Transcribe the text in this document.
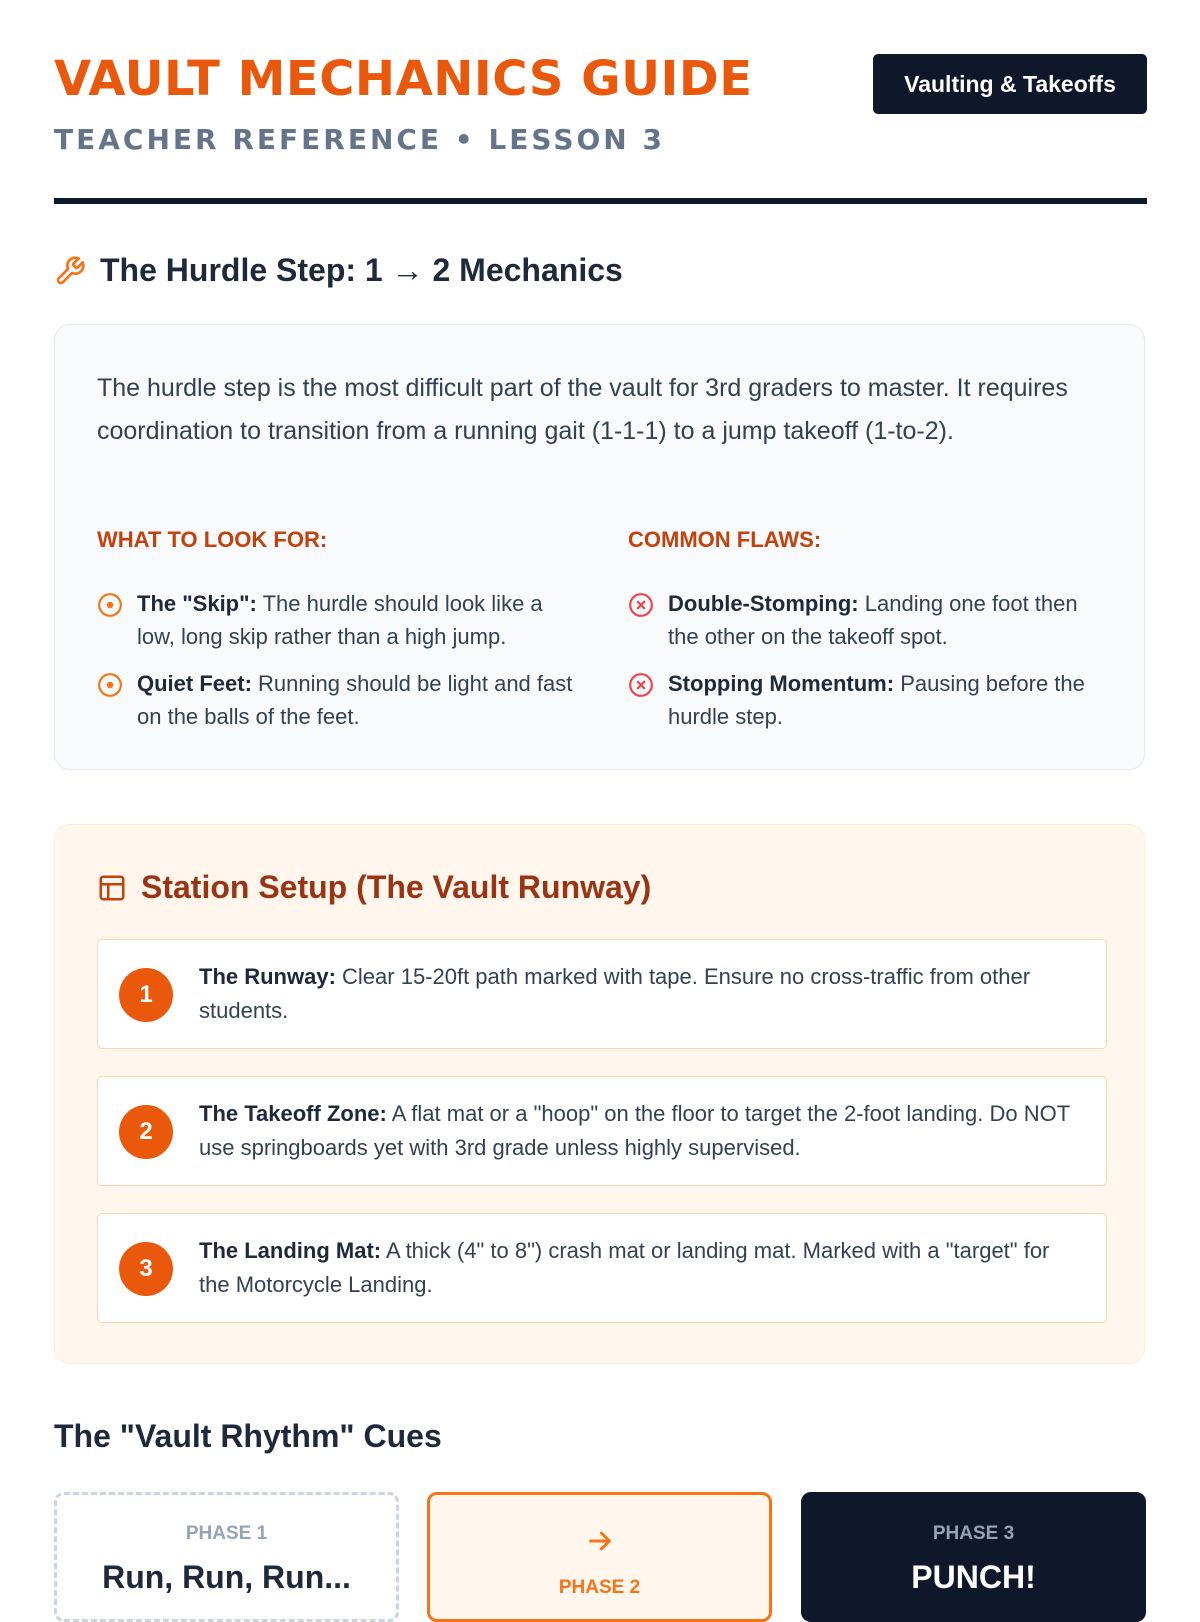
VAULT MECHANICS GUIDE
TEACHER REFERENCE • LESSON 3
Vaulting & Takeoffs
The Hurdle Step: 1 → 2 Mechanics

The hurdle step is the most difficult part of the vault for 3rd graders to master. It requires coordination to transition from a running gait (1-1-1) to a jump takeoff (1-to-2).

WHAT TO LOOK FOR:
The "Skip": The hurdle should look like a low, long skip rather than a high jump.
Quiet Feet: Running should be light and fast on the balls of the feet.
COMMON FLAWS:
Double-Stomping: Landing one foot then the other on the takeoff spot.
Stopping Momentum: Pausing before the hurdle step.
Station Setup (The Vault Runway)
1
The Runway: Clear 15-20ft path marked with tape. Ensure no cross-traffic from other students.
2
The Takeoff Zone: A flat mat or a "hoop" on the floor to target the 2-foot landing. Do NOT use springboards yet with 3rd grade unless highly supervised.
3
The Landing Mat: A thick (4" to 8") crash mat or landing mat. Marked with a "target" for the Motorcycle Landing.
The "Vault Rhythm" Cues
PHASE 1
Run, Run, Run...	PHASE 2
PHASE 3
PUNCH!
